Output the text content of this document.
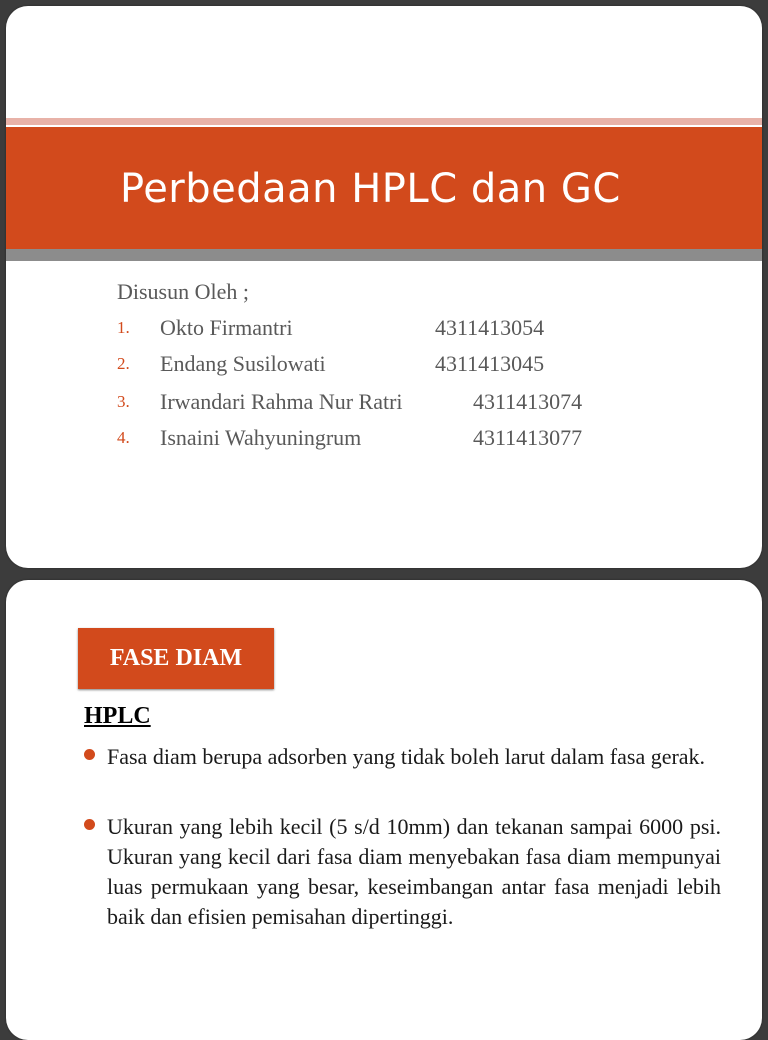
Perbedaan HPLC dan GC
Disusun Oleh ;
1. Okto Firmantri	4311413054
2. Endang Susilowati	4311413045
3. Irwandari Rahma Nur Ratri	4311413074
4. Isnaini Wahyuningrum	4311413077
FASE DIAM
HPLC
Fasa diam berupa adsorben yang tidak boleh larut dalam fasa gerak.
Ukuran yang lebih kecil (5 s/d 10mm) dan tekanan sampai 6000 psi. Ukuran yang kecil dari fasa diam menyebakan fasa diam mempunyai luas permukaan yang besar, keseimbangan antar fasa menjadi lebih baik dan efisien pemisahan dipertinggi.
